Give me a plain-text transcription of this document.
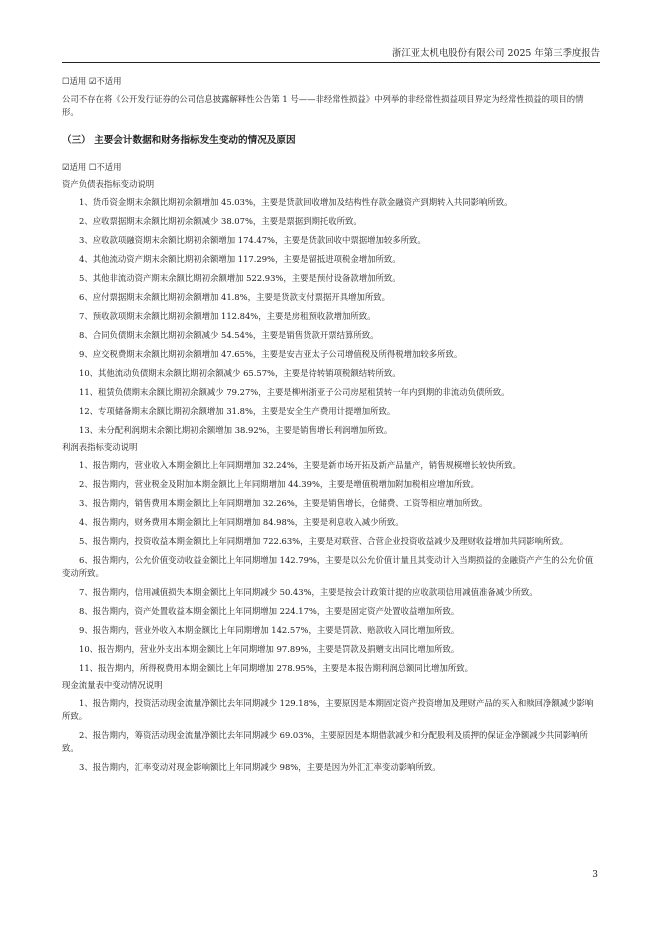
浙江亚太机电股份有限公司 2025 年第三季度报告

☐适用 ☑不适用

公司不存在将《公开发行证券的公司信息披露解释性公告第 1 号——非经常性损益》中列举的非经常性损益项目界定为经常性损益的项目的情形。

（三） 主要会计数据和财务指标发生变动的情况及原因

☑适用 ☐不适用

资产负债表指标变动说明

1、货币资金期末余额比期初余额增加 45.03%，主要是货款回收增加及结构性存款金融资产到期转入共同影响所致。

2、应收票据期末余额比期初余额减少 38.07%，主要是票据到期托收所致。

3、应收款项融资期末余额比期初余额增加 174.47%，主要是货款回收中票据增加较多所致。

4、其他流动资产期末余额比期初余额增加 117.29%，主要是留抵进项税金增加所致。

5、其他非流动资产期末余额比期初余额增加 522.93%，主要是预付设备款增加所致。

6、应付票据期末余额比期初余额增加 41.8%，主要是货款支付票据开具增加所致。

7、预收款项期末余额比期初余额增加 112.84%，主要是房租预收款增加所致。

8、合同负债期末余额比期初余额减少 54.54%，主要是销售货款开票结算所致。

9、应交税费期末余额比期初余额增加 47.65%，主要是安吉亚太子公司增值税及所得税增加较多所致。

10、其他流动负债期末余额比期初余额减少 65.57%，主要是待转销项税额结转所致。

11、租赁负债期末余额比期初余额减少 79.27%，主要是柳州浙亚子公司房屋租赁转一年内到期的非流动负债所致。

12、专项储备期末余额比期初余额增加 31.8%，主要是安全生产费用计提增加所致。

13、未分配利润期末余额比期初余额增加 38.92%，主要是销售增长利润增加所致。

利润表指标变动说明

1、报告期内，营业收入本期金额比上年同期增加 32.24%，主要是新市场开拓及新产品量产，销售规模增长较快所致。

2、报告期内，营业税金及附加本期金额比上年同期增加 44.39%，主要是增值税增加附加税相应增加所致。

3、报告期内，销售费用本期金额比上年同期增加 32.26%，主要是销售增长，仓储费、工资等相应增加所致。

4、报告期内，财务费用本期金额比上年同期增加 84.98%，主要是利息收入减少所致。

5、报告期内，投资收益本期金额比上年同期增加 722.63%，主要是对联营、合营企业投资收益减少及理财收益增加共同影响所致。

6、报告期内，公允价值变动收益金额比上年同期增加 142.79%，主要是以公允价值计量且其变动计入当期损益的金融资产产生的公允价值变动所致。

7、报告期内，信用减值损失本期金额比上年同期减少 50.43%，主要是按会计政策计提的应收款项信用减值准备减少所致。

8、报告期内，资产处置收益本期金额比上年同期增加 224.17%，主要是固定资产处置收益增加所致。

9、报告期内，营业外收入本期金额比上年同期增加 142.57%，主要是罚款、赔款收入同比增加所致。

10、报告期内，营业外支出本期金额比上年同期增加 97.89%，主要是罚款及捐赠支出同比增加所致。

11、报告期内，所得税费用本期金额比上年同期增加 278.95%，主要是本报告期利润总额同比增加所致。

现金流量表中变动情况说明

1、报告期内，投资活动现金流量净额比去年同期减少 129.18%，主要原因是本期固定资产投资增加及理财产品的买入和赎回净额减少影响所致。

2、报告期内，筹资活动现金流量净额比去年同期减少 69.03%，主要原因是本期借款减少和分配股利及质押的保证金净额减少共同影响所致。

3、报告期内，汇率变动对现金影响额比上年同期减少 98%，主要是因为外汇汇率变动影响所致。

3
